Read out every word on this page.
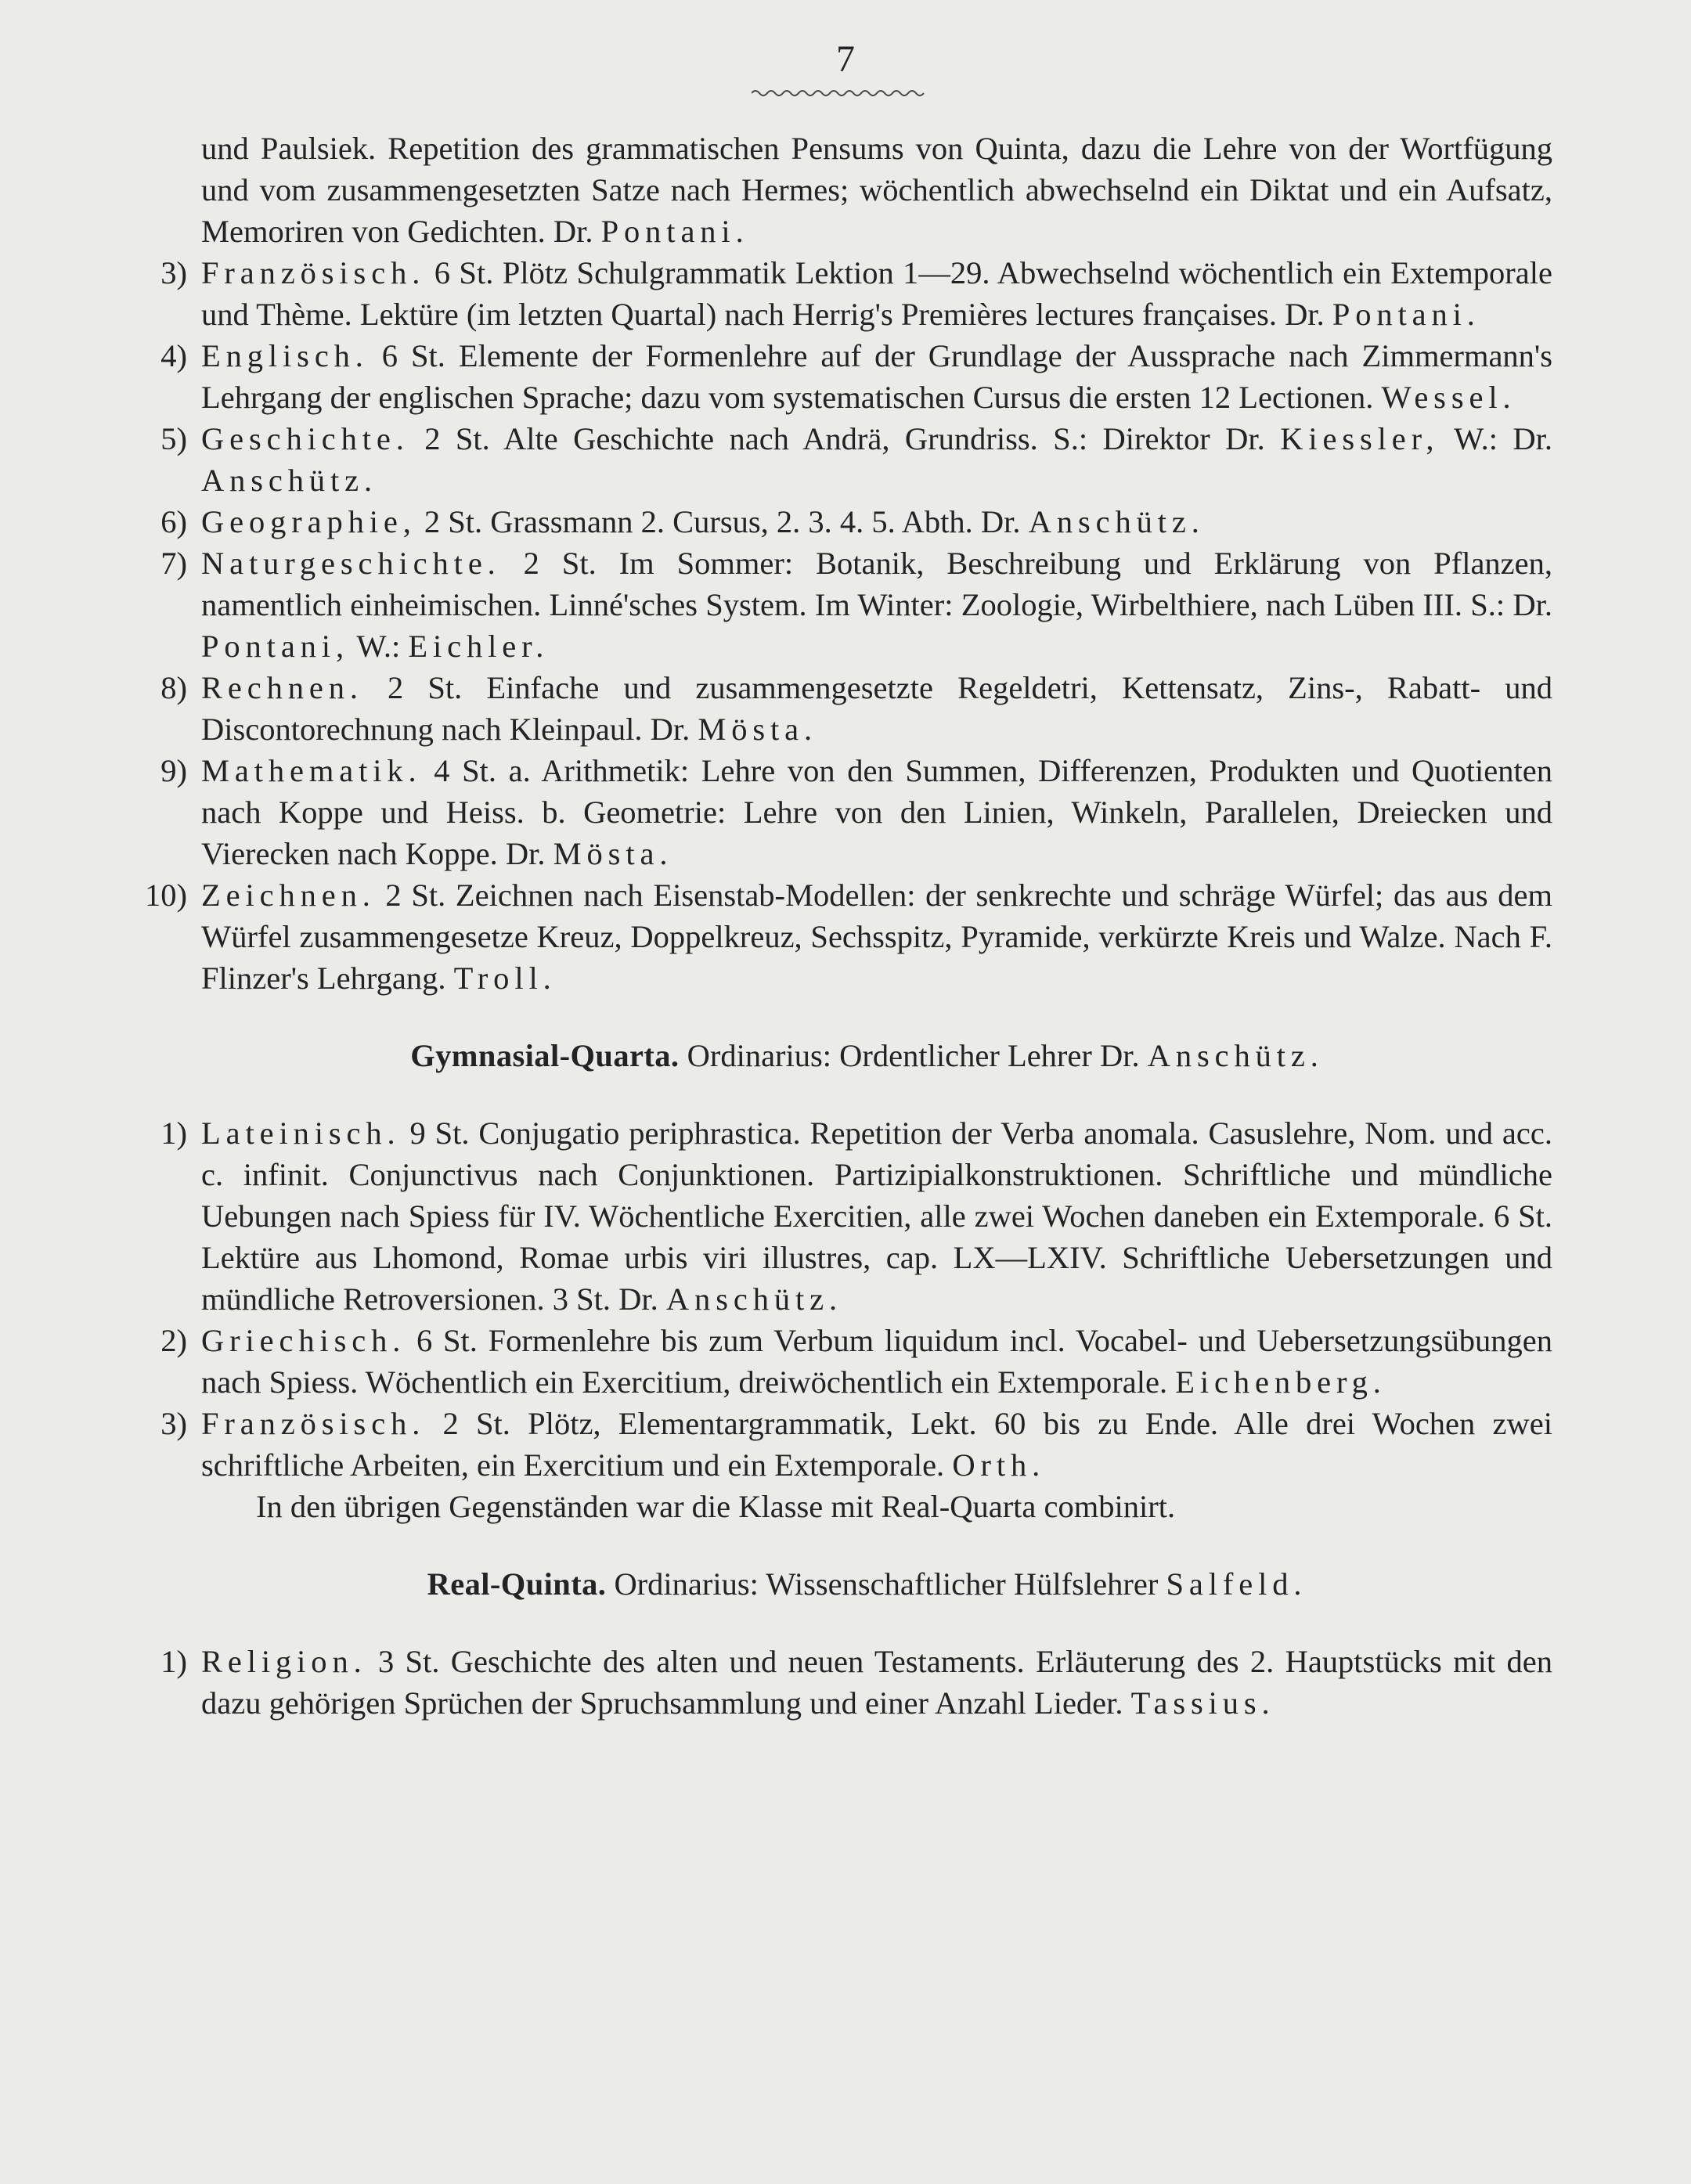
7

und Paulsiek. Repetition des grammatischen Pensums von Quinta, dazu die Lehre von der Wortfügung und vom zusammengesetzten Satze nach Hermes; wöchentlich abwechselnd ein Diktat und ein Aufsatz, Memoriren von Gedichten. Dr. Pontani.

3) Französisch. 6 St. Plötz Schulgrammatik Lektion 1—29. Abwechselnd wöchentlich ein Extemporale und Thème. Lektüre (im letzten Quartal) nach Herrig's Premières lectures françaises. Dr. Pontani.

4) Englisch. 6 St. Elemente der Formenlehre auf der Grundlage der Aussprache nach Zimmermann's Lehrgang der englischen Sprache; dazu vom systematischen Cursus die ersten 12 Lectionen. Wessel.

5) Geschichte. 2 St. Alte Geschichte nach Andrä, Grundriss. S.: Direktor Dr. Kiessler, W.: Dr. Anschütz.

6) Geographie, 2 St. Grassmann 2. Cursus, 2. 3. 4. 5. Abth. Dr. Anschütz.

7) Naturgeschichte. 2 St. Im Sommer: Botanik, Beschreibung und Erklärung von Pflanzen, namentlich einheimischen. Linné'sches System. Im Winter: Zoologie, Wirbelthiere, nach Lüben III. S.: Dr. Pontani, W.: Eichler.

8) Rechnen. 2 St. Einfache und zusammengesetzte Regeldetri, Kettensatz, Zins-, Rabatt- und Discontorechnung nach Kleinpaul. Dr. Mösta.

9) Mathematik. 4 St. a. Arithmetik: Lehre von den Summen, Differenzen, Produkten und Quotienten nach Koppe und Heiss. b. Geometrie: Lehre von den Linien, Winkeln, Parallelen, Dreiecken und Vierecken nach Koppe. Dr. Mösta.

10) Zeichnen. 2 St. Zeichnen nach Eisenstab-Modellen: der senkrechte und schräge Würfel; das aus dem Würfel zusammengesetze Kreuz, Doppelkreuz, Sechsspitz, Pyramide, verkürzte Kreis und Walze. Nach F. Flinzer's Lehrgang. Troll.

Gymnasial-Quarta. Ordinarius: Ordentlicher Lehrer Dr. Anschütz.

1) Lateinisch. 9 St. Conjugatio periphrastica. Repetition der Verba anomala. Casuslehre, Nom. und acc. c. infinit. Conjunctivus nach Conjunktionen. Partizipialkonstruktionen. Schriftliche und mündliche Uebungen nach Spiess für IV. Wöchentliche Exercitien, alle zwei Wochen daneben ein Extemporale. 6 St. Lektüre aus Lhomond, Romae urbis viri illustres, cap. LX—LXIV. Schriftliche Uebersetzungen und mündliche Retroversionen. 3 St. Dr. Anschütz.

2) Griechisch. 6 St. Formenlehre bis zum Verbum liquidum incl. Vocabel- und Uebersetzungsübungen nach Spiess. Wöchentlich ein Exercitium, dreiwöchentlich ein Extemporale. Eichenberg.

3) Französisch. 2 St. Plötz, Elementargrammatik, Lekt. 60 bis zu Ende. Alle drei Wochen zwei schriftliche Arbeiten, ein Exercitium und ein Extemporale. Orth.

In den übrigen Gegenständen war die Klasse mit Real-Quarta combinirt.

Real-Quinta. Ordinarius: Wissenschaftlicher Hülfslehrer Salfeld.

1) Religion. 3 St. Geschichte des alten und neuen Testaments. Erläuterung des 2. Hauptstücks mit den dazu gehörigen Sprüchen der Spruchsammlung und einer Anzahl Lieder. Tassius.
